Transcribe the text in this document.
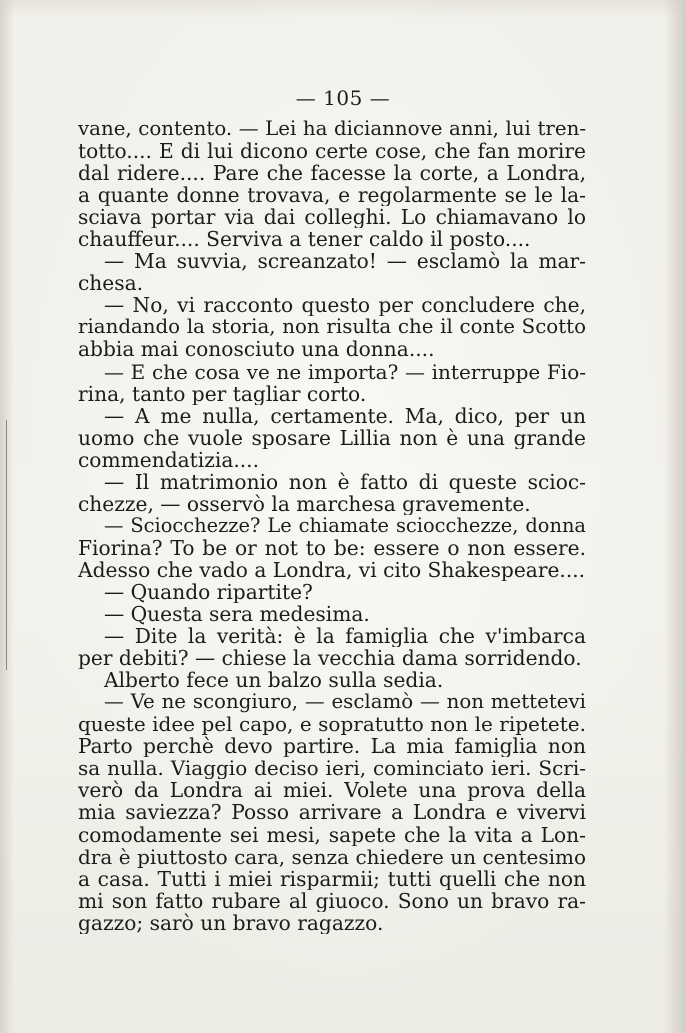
— 105 —
vane, contento. — Lei ha diciannove anni, lui tren-
totto.... E di lui dicono certe cose, che fan morire
dal ridere.... Pare che facesse la corte, a Londra,
a quante donne trovava, e regolarmente se le la-
sciava portar via dai colleghi. Lo chiamavano lo
chauffeur.... Serviva a tener caldo il posto....
— Ma suvvia, screanzato! — esclamò la mar-
chesa.
— No, vi racconto questo per concludere che,
riandando la storia, non risulta che il conte Scotto
abbia mai conosciuto una donna....
— E che cosa ve ne importa? — interruppe Fio-
rina, tanto per tagliar corto.
— A me nulla, certamente. Ma, dico, per un
uomo che vuole sposare Lillia non è una grande
commendatizia....
— Il matrimonio non è fatto di queste scioc-
chezze, — osservò la marchesa gravemente.
— Sciocchezze? Le chiamate sciocchezze, donna
Fiorina? To be or not to be: essere o non essere.
Adesso che vado a Londra, vi cito Shakespeare....
— Quando ripartite?
— Questa sera medesima.
— Dite la verità: è la famiglia che v'imbarca
per debiti? — chiese la vecchia dama sorridendo.
Alberto fece un balzo sulla sedia.
— Ve ne scongiuro, — esclamò — non mettetevi
queste idee pel capo, e sopratutto non le ripetete.
Parto perchè devo partire. La mia famiglia non
sa nulla. Viaggio deciso ieri, cominciato ieri. Scri-
verò da Londra ai miei. Volete una prova della
mia saviezza? Posso arrivare a Londra e vivervi
comodamente sei mesi, sapete che la vita a Lon-
dra è piuttosto cara, senza chiedere un centesimo
a casa. Tutti i miei risparmii; tutti quelli che non
mi son fatto rubare al giuoco. Sono un bravo ra-
gazzo; sarò un bravo ragazzo.
